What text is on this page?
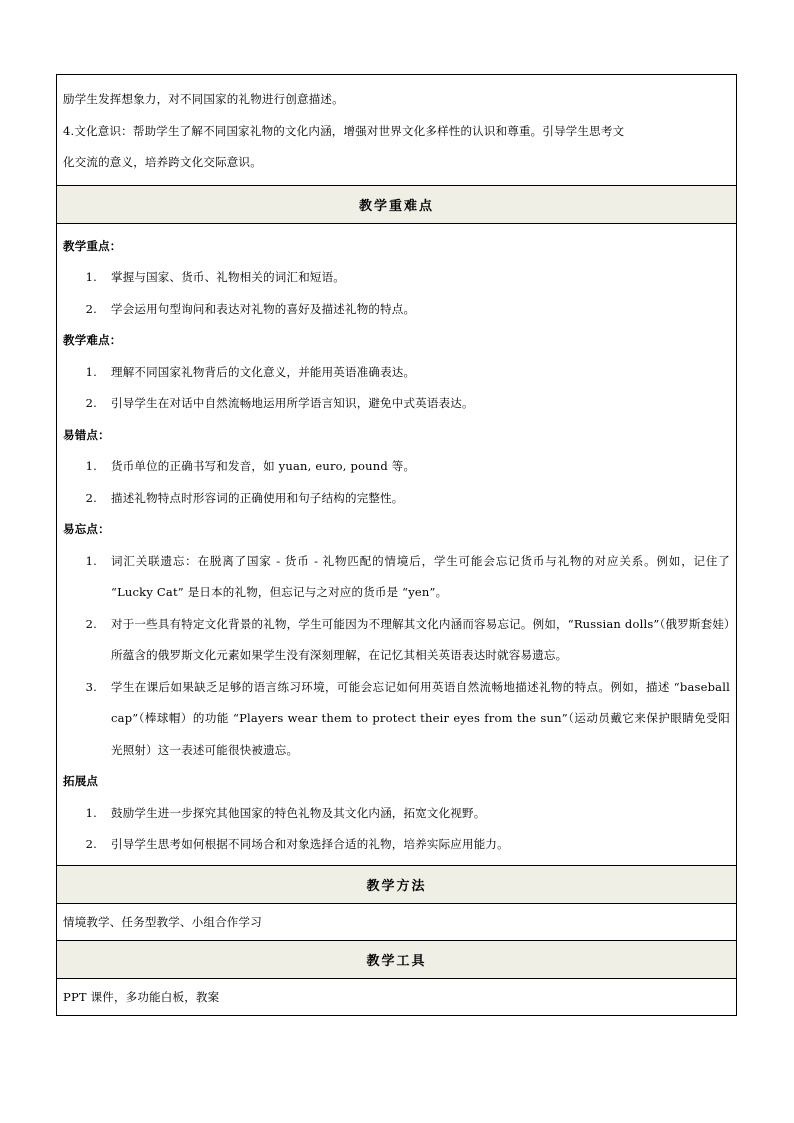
励学生发挥想象力，对不同国家的礼物进行创意描述。
4.文化意识：帮助学生了解不同国家礼物的文化内涵，增强对世界文化多样性的认识和尊重。引导学生思考文
化交流的意义，培养跨文化交际意识。
教学重难点
教学重点：
1.	掌握与国家、货币、礼物相关的词汇和短语。
2.	学会运用句型询问和表达对礼物的喜好及描述礼物的特点。
教学难点：
1.	理解不同国家礼物背后的文化意义，并能用英语准确表达。
2.	引导学生在对话中自然流畅地运用所学语言知识，避免中式英语表达。
易错点：
1.	货币单位的正确书写和发音，如 yuan, euro, pound 等。
2.	描述礼物特点时形容词的正确使用和句子结构的完整性。
易忘点：
1.	词汇关联遗忘：在脱离了国家 - 货币 - 礼物匹配的情境后，学生可能会忘记货币与礼物的对应关系。例如，记住了 “Lucky Cat” 是日本的礼物，但忘记与之对应的货币是 “yen”。
2.	对于一些具有特定文化背景的礼物，学生可能因为不理解其文化内涵而容易忘记。例如，“Russian dolls”（俄罗斯套娃）所蕴含的俄罗斯文化元素如果学生没有深刻理解，在记忆其相关英语表达时就容易遗忘。
3.	学生在课后如果缺乏足够的语言练习环境，可能会忘记如何用英语自然流畅地描述礼物的特点。例如，描述 “baseball cap”（棒球帽）的功能 “Players wear them to protect their eyes from the sun”（运动员戴它来保护眼睛免受阳光照射）这一表述可能很快被遗忘。
拓展点
1.	鼓励学生进一步探究其他国家的特色礼物及其文化内涵，拓宽文化视野。
2.	引导学生思考如何根据不同场合和对象选择合适的礼物，培养实际应用能力。
教学方法
情境教学、任务型教学、小组合作学习
教学工具
PPT 课件，多功能白板，教案
